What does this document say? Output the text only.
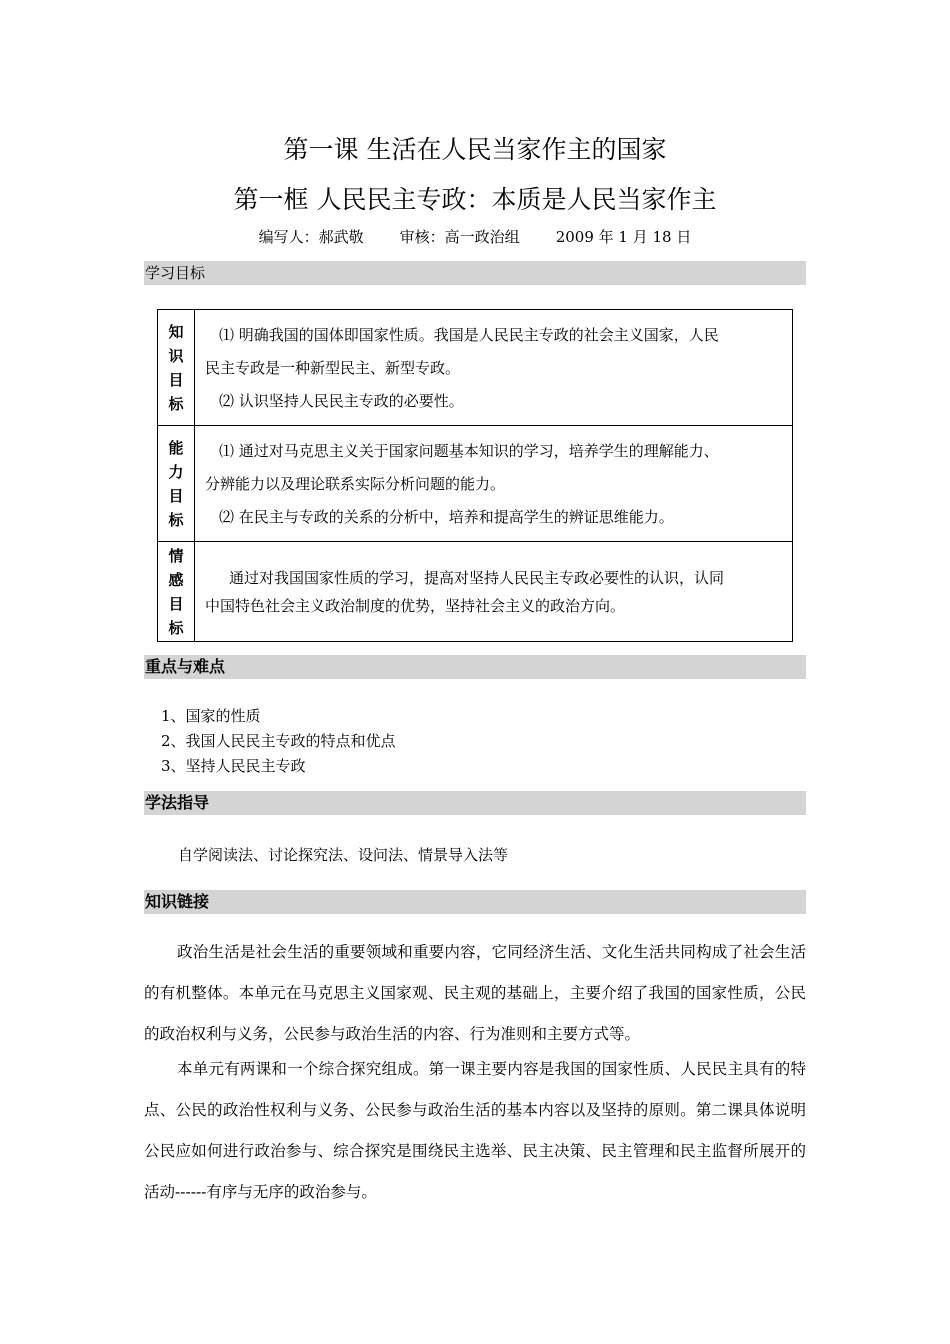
第一课 生活在人民当家作主的国家
第一框 人民民主专政：本质是人民当家作主
编写人：郝武敬 审核：高一政治组 2009 年 1 月 18 日
学习目标
知识目标	⑴ 明确我国的国体即国家性质。我国是人民民主专政的社会主义国家，人民
民主专政是一种新型民主、新型专政。
⑵ 认识坚持人民民主专政的必要性。

能力目标	⑴ 通过对马克思主义关于国家问题基本知识的学习，培养学生的理解能力、
分辨能力以及理论联系实际分析问题的能力。
⑵ 在民主与专政的关系的分析中，培养和提高学生的辨证思维能力。

情感目标	通过对我国国家性质的学习，提高对坚持人民民主专政必要性的认识，认同
中国特色社会主义政治制度的优势，坚持社会主义的政治方向。
重点与难点
1、国家的性质
2、我国人民民主专政的特点和优点
3、坚持人民民主专政
学法指导
自学阅读法、讨论探究法、设问法、情景导入法等
知识链接
政治生活是社会生活的重要领域和重要内容，它同经济生活、文化生活共同构成了社会生活的有机整体。本单元在马克思主义国家观、民主观的基础上，主要介绍了我国的国家性质，公民的政治权利与义务，公民参与政治生活的内容、行为准则和主要方式等。
本单元有两课和一个综合探究组成。第一课主要内容是我国的国家性质、人民民主具有的特点、公民的政治性权利与义务、公民参与政治生活的基本内容以及坚持的原则。第二课具体说明公民应如何进行政治参与、综合探究是围绕民主选举、民主决策、民主管理和民主监督所展开的活动------有序与无序的政治参与。
